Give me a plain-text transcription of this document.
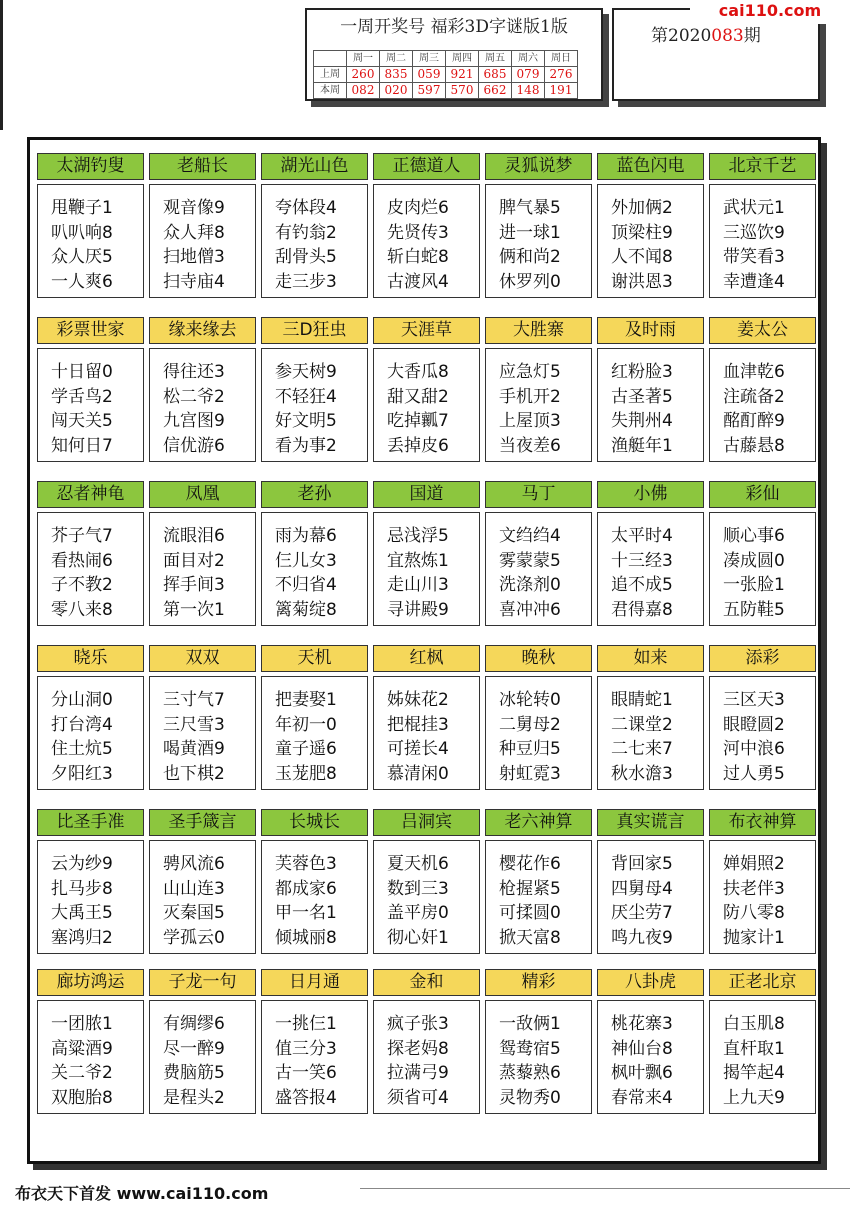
一周开奖号 福彩3D字谜版1版
	周一	周二	周三	周四	周五	周六	周日
上周	260	835	059	921	685	079	276
本周	082	020	597	570	662	148	191
第2020083期
cai110.com
太湖钓叟
甩鞭子1
叭叭响8
众人厌5
一人爽6
老船长
观音像9
众人拜8
扫地僧3
扫寺庙4
湖光山色
夸体段4
有钓翁2
刮骨头5
走三步3
正德道人
皮肉烂6
先贤传3
斩白蛇8
古渡风4
灵狐说梦
脾气暴5
进一球1
俩和尚2
休罗列0
蓝色闪电
外加俩2
顶梁柱9
人不闻8
谢洪恩3
北京千艺
武状元1
三巡饮9
带笑看3
幸遭逢4
彩票世家
十日留0
学舌鸟2
闯天关5
知何日7
缘来缘去
得往还3
松二爷2
九宫图9
信优游6
三D狂虫
参天树9
不轻狂4
好文明5
看为事2
天涯草
大香瓜8
甜又甜2
吃掉瓤7
丢掉皮6
大胜寨
应急灯5
手机开2
上屋顶3
当夜差6
及时雨
红粉脸3
古圣著5
失荆州4
渔艇年1
姜太公
血津乾6
注疏备2
酩酊醉9
古藤悬8
忍者神龟
芥子气7
看热闹6
子不教2
零八来8
凤凰
流眼泪6
面目对2
挥手间3
第一次1
老孙
雨为幕6
仨儿女3
不归省4
篱菊绽8
国道
忌浅浮5
宜熬炼1
走山川3
寻讲殿9
马丁
文绉绉4
雾蒙蒙5
洗涤剂0
喜冲冲6
小佛
太平时4
十三经3
追不成5
君得嘉8
彩仙
顺心事6
凑成圆0
一张脸1
五防鞋5
晓乐
分山洞0
打台湾4
住土炕5
夕阳红3
双双
三寸气7
三尺雪3
喝黄酒9
也下棋2
天机
把妻娶1
年初一0
童子遥6
玉茏肥8
红枫
姊妹花2
把棍挂3
可搓长4
慕清闲0
晚秋
冰轮转0
二舅母2
种豆归5
射虹霓3
如来
眼睛蛇1
二课堂2
二七来7
秋水澹3
添彩
三区天3
眼瞪圆2
河中浪6
过人勇5
比圣手准
云为纱9
扎马步8
大禹王5
塞鸿归2
圣手箴言
骋风流6
山山连3
灭秦国5
学孤云0
长城长
芙蓉色3
都成家6
甲一名1
倾城丽8
吕洞宾
夏天机6
数到三3
盖平房0
彻心奸1
老六神算
樱花作6
枪握紧5
可揉圆0
掀天富8
真实谎言
背回家5
四舅母4
厌尘劳7
鸣九夜9
布衣神算
婵娟照2
扶老伴3
防八零8
抛家计1
廊坊鸿运
一团脓1
高粱酒9
关二爷2
双胞胎8
子龙一句
有绸缪6
尽一醉9
费脑筋5
是程头2
日月通
一挑仨1
值三分3
古一笑6
盛答报4
金和
疯子张3
探老妈8
拉满弓9
须省可4
精彩
一敌俩1
鸳鸯宿5
蒸藜熟6
灵物秀0
八卦虎
桃花寨3
神仙台8
枫叶飘6
春常来4
正老北京
白玉肌8
直杆取1
揭竿起4
上九天9
布衣天下首发 www.cai110.com
